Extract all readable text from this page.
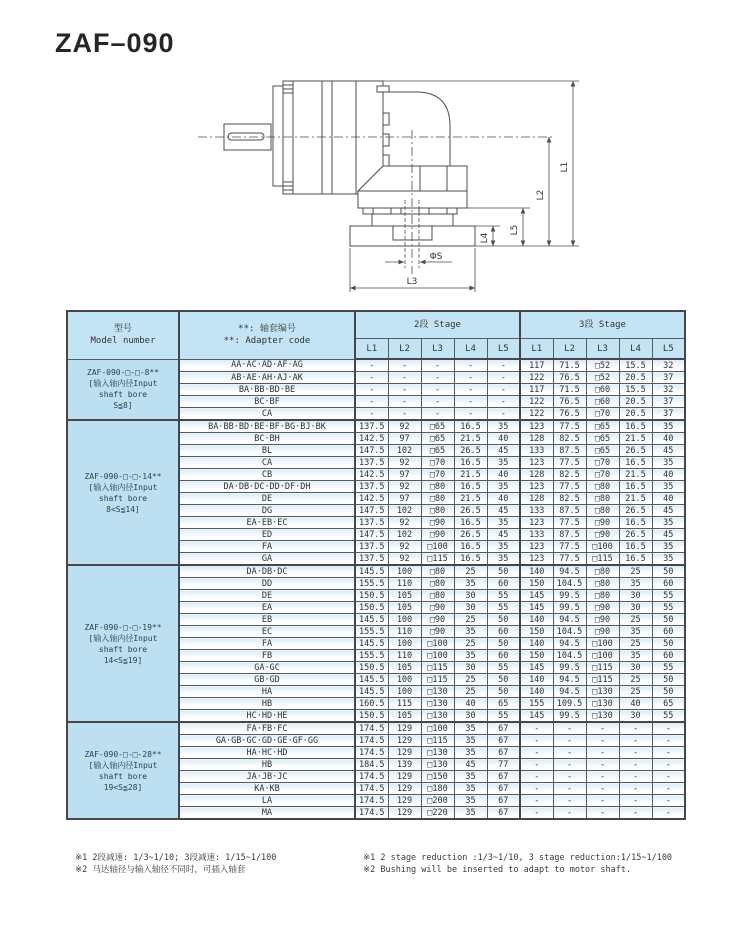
ZAF–090
L1
L2
L5
L4
L3
ΦS
型号
Model number

**: 轴套编号
**: Adapter code
	2段 Stage	3段 Stage
		L1	L2	L3	L4	L5	L1	L2	L3	L4	L5

ZAF-090-□-□-8**
[输入轴内径Input
shaft bore
S≦8]	AA·AC·AD·AF·AG	-	-	-	-	-	117	71.5	□52	15.5	32
	AB·AE·AH·AJ·AK	-	-	-	-	-	122	76.5	□52	20.5	37
	BA·BB·BD·BE	-	-	-	-	-	117	71.5	□60	15.5	32
	BC·BF	-	-	-	-	-	122	76.5	□60	20.5	37
	CA	-	-	-	-	-	122	76.5	□70	20.5	37

ZAF-090-□-□-14**
[输入轴内径Input
shaft bore
8<S≦14]	BA·BB·BD·BE·BF·BG·BJ·BK	137.5	92	□65	16.5	35	123	77.5	□65	16.5	35
	BC·BH	142.5	97	□65	21.5	40	128	82.5	□65	21.5	40
	BL	147.5	102	□65	26.5	45	133	87.5	□65	26.5	45
	CA	137.5	92	□70	16.5	35	123	77.5	□70	16.5	35
	CB	142.5	97	□70	21.5	40	128	82.5	□70	21.5	40
	DA·DB·DC·DD·DF·DH	137.5	92	□80	16.5	35	123	77.5	□80	16.5	35
	DE	142.5	97	□80	21.5	40	128	82.5	□80	21.5	40
	DG	147.5	102	□80	26.5	45	133	87.5	□80	26.5	45
	EA·EB·EC	137.5	92	□90	16.5	35	123	77.5	□90	16.5	35
	ED	147.5	102	□90	26.5	45	133	87.5	□90	26.5	45
	FA	137.5	92	□100	16.5	35	123	77.5	□100	16.5	35
	GA	137.5	92	□115	16.5	35	123	77.5	□115	16.5	35

ZAF-090-□-□-19**
[输入轴内径Input
shaft bore
14<S≦19]	DA·DB·DC	145.5	100	□80	25	50	140	94.5	□80	25	50
	DD	155.5	110	□80	35	60	150	104.5	□80	35	60
	DE	150.5	105	□80	30	55	145	99.5	□80	30	55
	EA	150.5	105	□90	30	55	145	99.5	□90	30	55
	EB	145.5	100	□90	25	50	140	94.5	□90	25	50
	EC	155.5	110	□90	35	60	150	104.5	□90	35	60
	FA	145.5	100	□100	25	50	140	94.5	□100	25	50
	FB	155.5	110	□100	35	60	150	104.5	□100	35	60
	GA·GC	150.5	105	□115	30	55	145	99.5	□115	30	55
	GB·GD	145.5	100	□115	25	50	140	94.5	□115	25	50
	HA	145.5	100	□130	25	50	140	94.5	□130	25	50
	HB	160.5	115	□130	40	65	155	109.5	□130	40	65
	HC·HD·HE	150.5	105	□130	30	55	145	99.5	□130	30	55

ZAF-090-□-□-28**
[输入轴内径Input
shaft bore
19<S≦28]	FA·FB·FC	174.5	129	□100	35	67	-	-	-	-	-
	GA·GB·GC·GD·GE·GF·GG	174.5	129	□115	35	67	-	-	-	-	-
	HA·HC·HD	174.5	129	□130	35	67	-	-	-	-	-
	HB	184.5	139	□130	45	77	-	-	-	-	-
	JA·JB·JC	174.5	129	□150	35	67	-	-	-	-	-
	KA·KB	174.5	129	□180	35	67	-	-	-	-	-
	LA	174.5	129	□200	35	67	-	-	-	-	-
	MA	174.5	129	□220	35	67	-	-	-	-	-
※1 2段减速: 1/3~1/10; 3段减速: 1/15~1/100
※2 马达轴径与输入轴径不同时，可插入轴套
※1 2 stage reduction :1/3~1/10, 3 stage reduction:1/15~1/100
※2 Bushing will be inserted to adapt to motor shaft.
